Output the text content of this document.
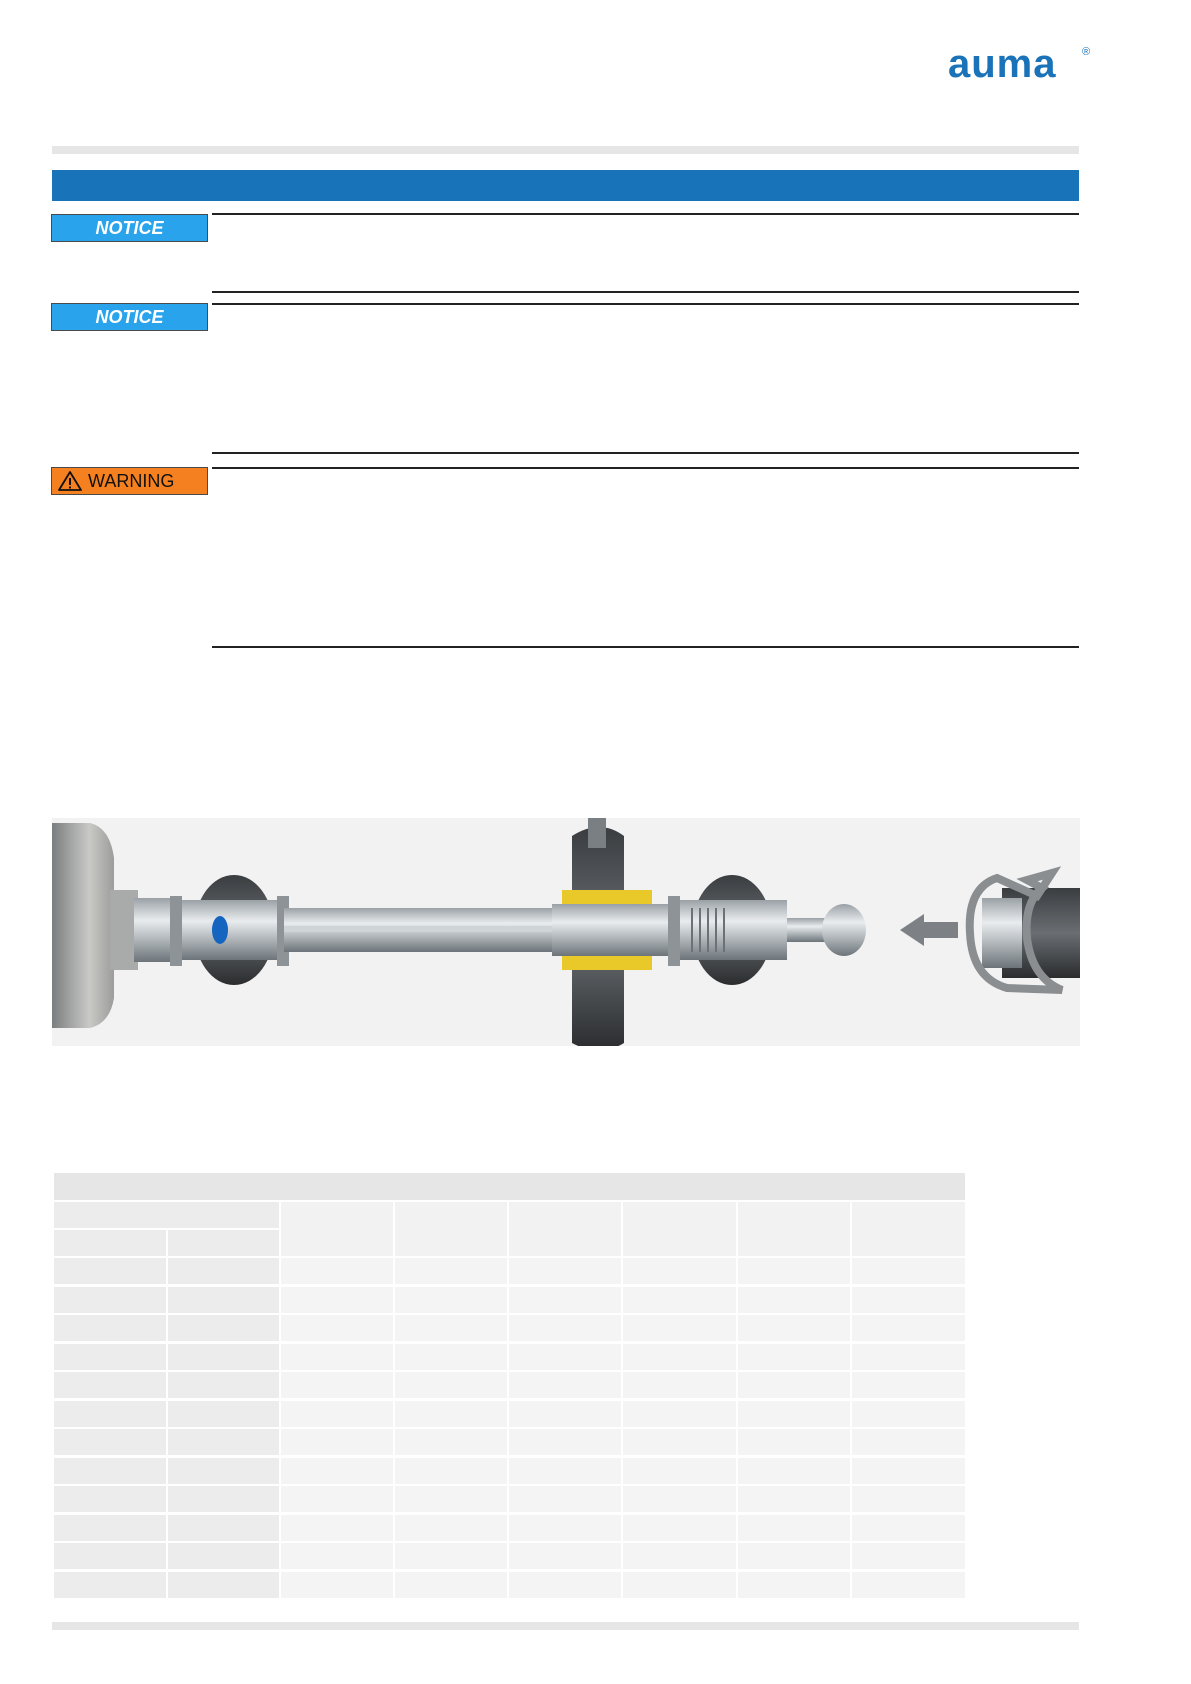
auma ®
NOTICE
NOTICE
WARNING
